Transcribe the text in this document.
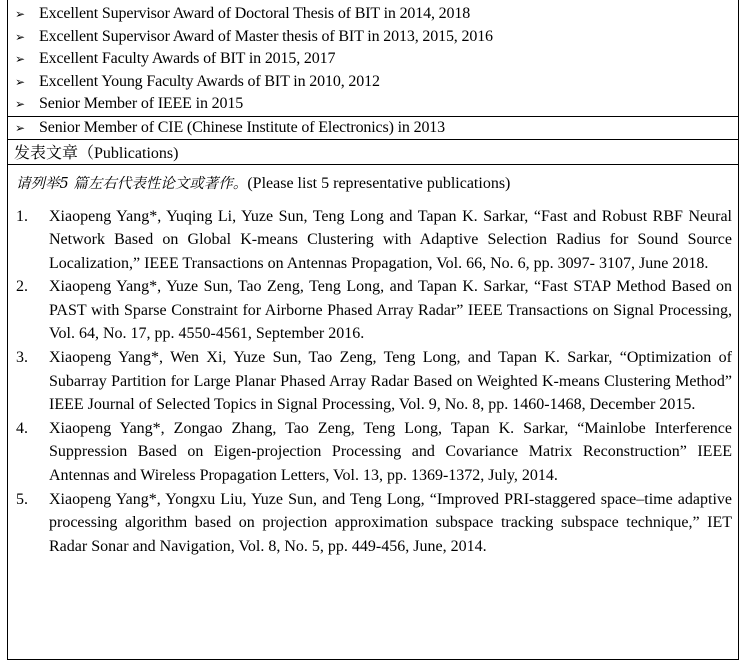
➢ Excellent Supervisor Award of Doctoral Thesis of BIT in 2014, 2018
➢ Excellent Supervisor Award of Master thesis of BIT in 2013, 2015, 2016
➢ Excellent Faculty Awards of BIT in 2015, 2017
➢ Excellent Young Faculty Awards of BIT in 2010, 2012
➢ Senior Member of IEEE in 2015
➢ Senior Member of CIE (Chinese Institute of Electronics) in 2013
发表文章（Publications)
请列举5 篇左右代表性论文或著作。(Please list 5 representative publications)
1.	Xiaopeng Yang*, Yuqing Li, Yuze Sun, Teng Long and Tapan K. Sarkar, “Fast and Robust RBF Neural Network Based on Global K-means Clustering with Adaptive Selection Radius for Sound Source Localization,” IEEE Transactions on Antennas Propagation, Vol. 66, No. 6, pp. 3097- 3107, June 2018.
2.	Xiaopeng Yang*, Yuze Sun, Tao Zeng, Teng Long, and Tapan K. Sarkar, “Fast STAP Method Based on PAST with Sparse Constraint for Airborne Phased Array Radar” IEEE Transactions on Signal Processing, Vol. 64, No. 17, pp. 4550-4561, September 2016.
3.	Xiaopeng Yang*, Wen Xi, Yuze Sun, Tao Zeng, Teng Long, and Tapan K. Sarkar, “Optimization of Subarray Partition for Large Planar Phased Array Radar Based on Weighted K-means Clustering Method” IEEE Journal of Selected Topics in Signal Processing, Vol. 9, No. 8, pp. 1460-1468, December 2015.
4.	Xiaopeng Yang*, Zongao Zhang, Tao Zeng, Teng Long, Tapan K. Sarkar, “Mainlobe Interference Suppression Based on Eigen-projection Processing and Covariance Matrix Reconstruction” IEEE Antennas and Wireless Propagation Letters, Vol. 13, pp. 1369-1372, July, 2014.
5.	Xiaopeng Yang*, Yongxu Liu, Yuze Sun, and Teng Long, “Improved PRI-staggered space–time adaptive processing algorithm based on projection approximation subspace tracking subspace technique,” IET Radar Sonar and Navigation, Vol. 8, No. 5, pp. 449-456, June, 2014.
